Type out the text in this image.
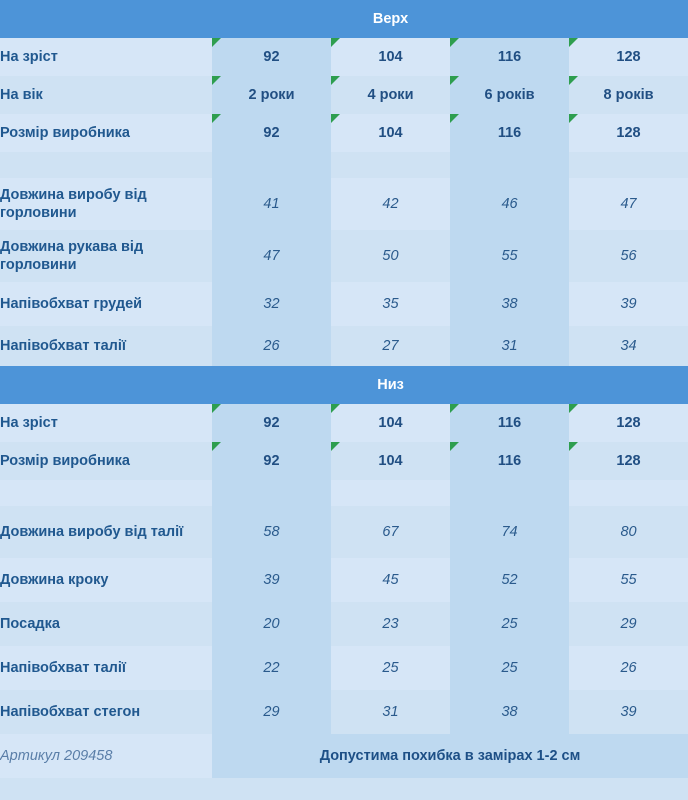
	Верх			
На зріст	92	104	116	128
На вік	2 роки	4 роки	6 років	8 років
Розмір виробника	92	104	116	128

Довжина виробу від горловини	41	42	46	47
Довжина рукава від горловини	47	50	55	56
Напівобхват грудей	32	35	38	39
Напівобхват талії	26	27	31	34
	Низ			
На зріст	92	104	116	128
Розмір виробника	92	104	116	128

Довжина виробу від талії	58	67	74	80
Довжина кроку	39	45	52	55
Посадка	20	23	25	29
Напівобхват талії	22	25	25	26
Напівобхват стегон	29	31	38	39
Артикул 209458	Допустима похибка в замірах 1-2 см			
